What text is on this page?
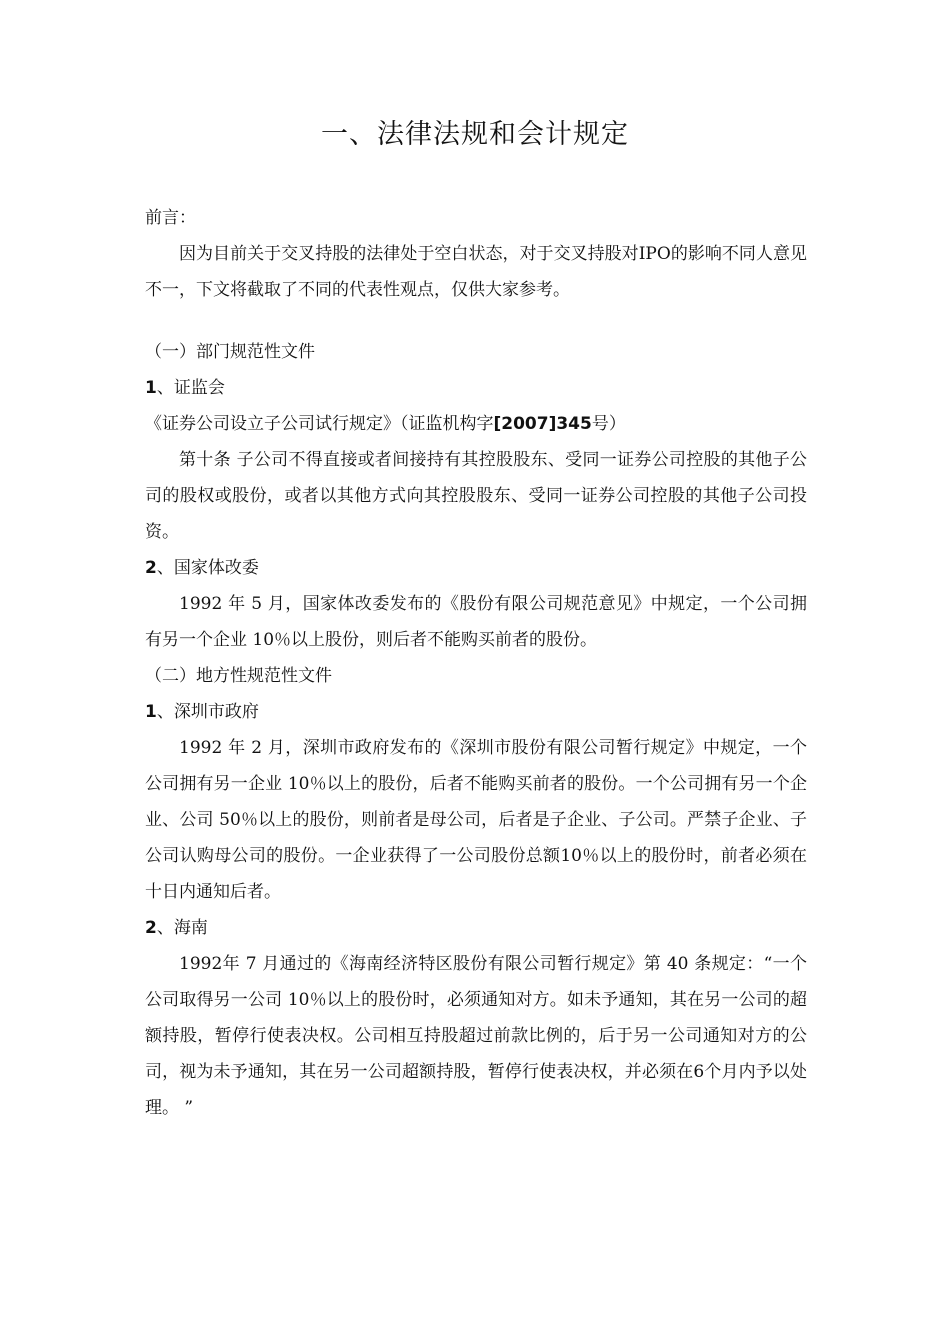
一、法律法规和会计规定
前言：

因为目前关于交叉持股的法律处于空白状态，对于交叉持股对IPO的影响不同人意见不一，下文将截取了不同的代表性观点，仅供大家参考。

（一）部门规范性文件
1、证监会
《证券公司设立子公司试行规定》（证监机构字[2007]345号）

第十条 子公司不得直接或者间接持有其控股股东、受同一证券公司控股的其他子公司的股权或股份，或者以其他方式向其控股股东、受同一证券公司控股的其他子公司投资。

2、国家体改委

1992 年 5 月，国家体改委发布的《股份有限公司规范意见》中规定，一个公司拥有另一个企业 10％以上股份，则后者不能购买前者的股份。

（二）地方性规范性文件
1、深圳市政府

1992 年 2 月，深圳市政府发布的《深圳市股份有限公司暂行规定》中规定，一个公司拥有另一企业 10％以上的股份，后者不能购买前者的股份。一个公司拥有另一个企业、公司 50％以上的股份，则前者是母公司，后者是子企业、子公司。严禁子企业、子公司认购母公司的股份。一企业获得了一公司股份总额10％以上的股份时，前者必须在十日内通知后者。

2、海南

1992年 7 月通过的《海南经济特区股份有限公司暂行规定》第 40 条规定：“一个公司取得另一公司 10％以上的股份时，必须通知对方。如未予通知，其在另一公司的超额持股，暂停行使表决权。公司相互持股超过前款比例的，后于另一公司通知对方的公司，视为未予通知，其在另一公司超额持股，暂停行使表决权，并必须在6个月内予以处理。 ”
